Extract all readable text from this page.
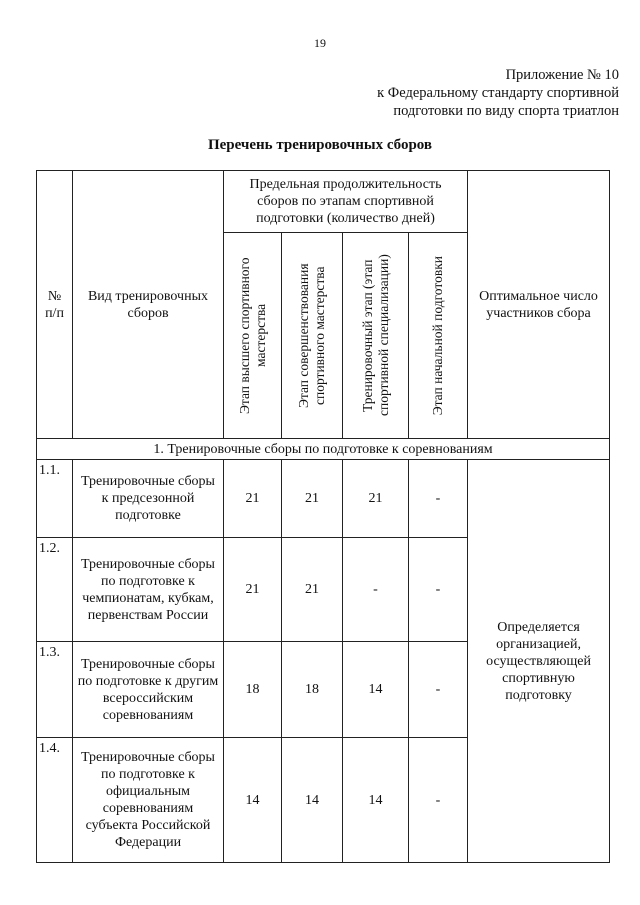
19
Приложение № 10
к Федеральному стандарту спортивной
подготовки по виду спорта триатлон
Перечень тренировочных сборов
№ п/п	Вид тренировочных сборов	Предельная продолжительность сборов по этапам спортивной подготовки (количество дней)				Оптимальное число участников сбора

		Этап высшего спортивного мастерства	Этап совершенствования спортивного мастерства	Тренировочный этап (этап спортивной специализации)	Этап начальной подготовки	

1. Тренировочные сборы по подготовке к соревнованиям						
1.1.	Тренировочные сборы к предсезонной подготовке	21	21	21	-	Определяется организацией, осуществляющей спортивную подготовку
1.2.	Тренировочные сборы по подготовке к чемпионатам, кубкам, первенствам России	21	21	-	-	
1.3.	Тренировочные сборы по подготовке к другим всероссийским соревнованиям	18	18	14	-	
1.4.	Тренировочные сборы по подготовке к официальным соревнованиям субъекта Российской Федерации	14	14	14	-	
